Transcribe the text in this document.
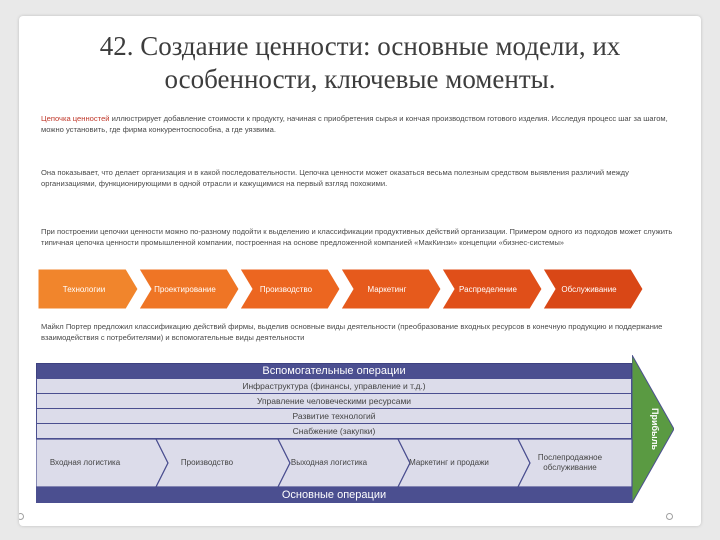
42. Создание ценности: основные модели, их
особенности, ключевые моменты.
Цепочка ценностей иллюстрирует добавление стоимости к продукту, начиная с приобретения сырья и кончая производством готового изделия. Исследуя процесс шаг за шагом, можно установить, где фирма конкурентоспособна, а где уязвима.
Она показывает, что делает организация и в какой последовательности. Цепочка ценности может оказаться весьма полезным средством выявления различий между организациями, функционирующими в одной отрасли и кажущимися на первый взгляд похожими.
При построении цепочки ценности можно по-разному подойти к выделению и классификации продуктивных действий организации. Примером одного из подходов может служить типичная цепочка ценности промышленной компании, построенная на основе предложенной компанией «МакКинзи» концепции «бизнес-системы»
Технологии	Проектирование	Производство	Маркетинг	Распределение	Обслуживание
Майкл Портер предложил классификацию действий фирмы, выделив основные виды деятельности (преобразование входных ресурсов в конечную продукцию и поддержание взаимодействия с потребителями) и вспомогательные виды деятельности
Прибыль
Вспомогательные операции
Инфраструктура (финансы, управление и т.д.)
Управление человеческими ресурсами
Развитие технологий
Снабжение (закупки)
Входная логистика	Производство	Выходная логистика	Маркетинг и продажи
Послепродажное обслуживание
Основные операции
